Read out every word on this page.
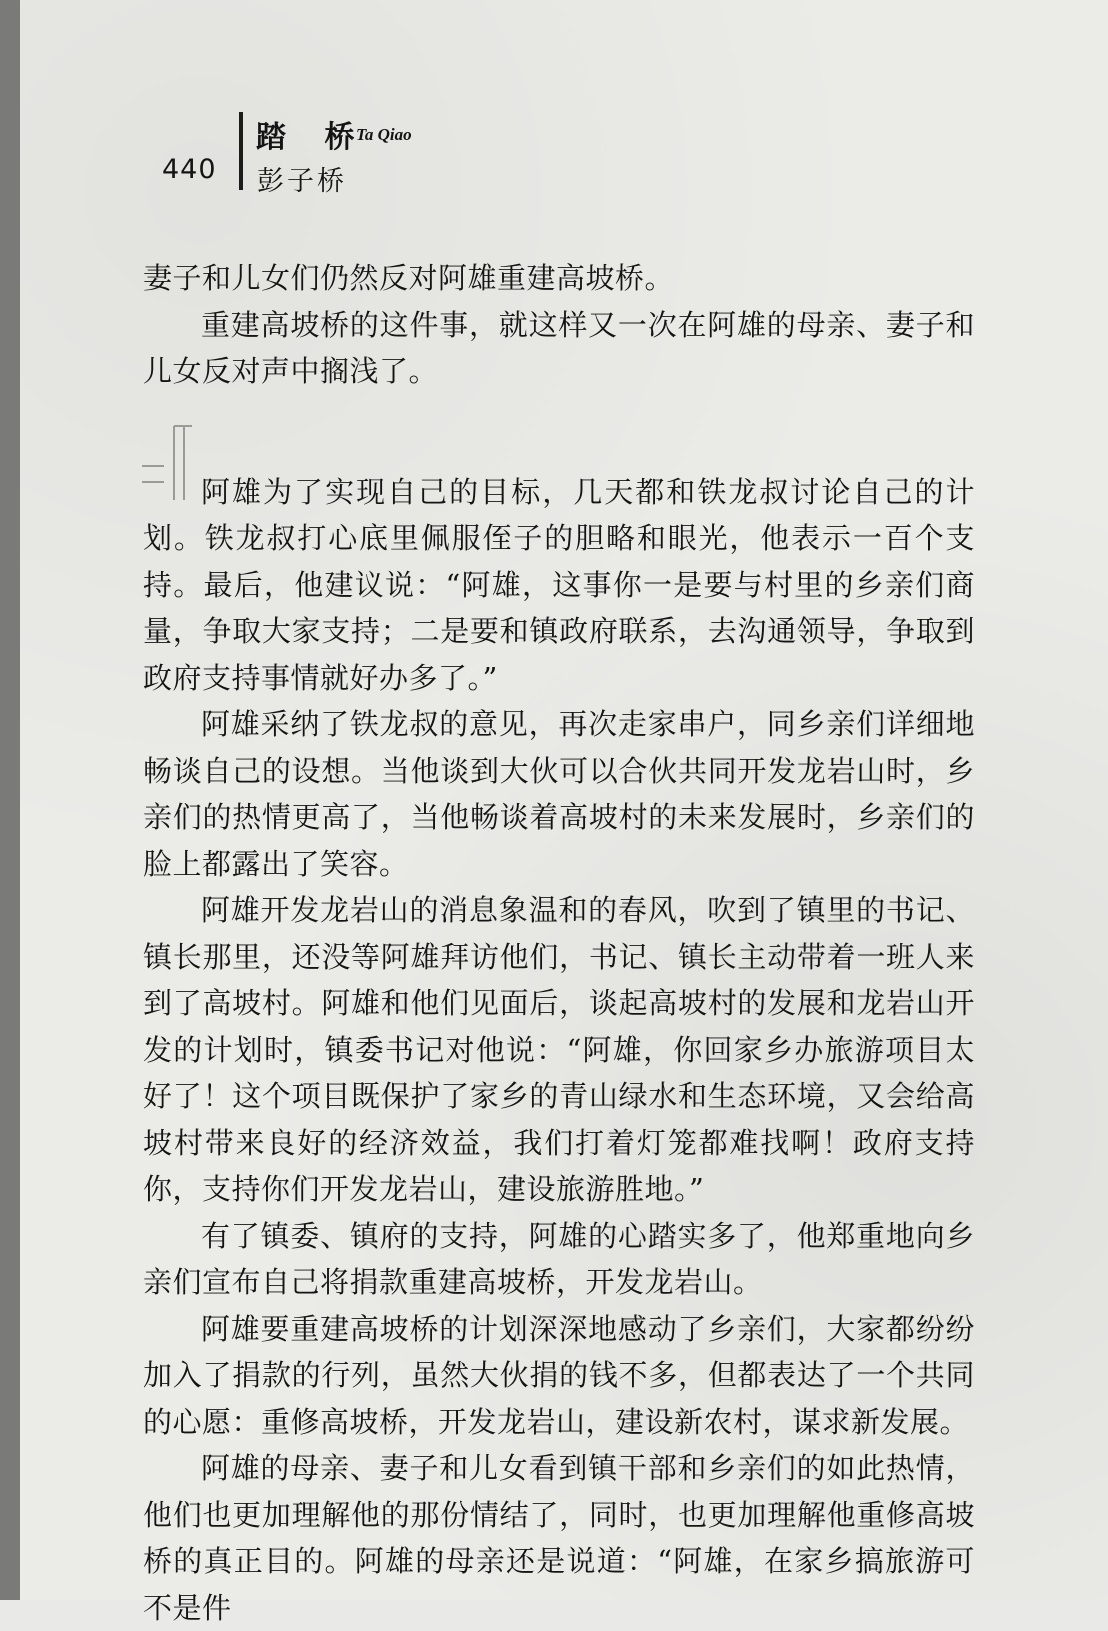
440
踏 桥
Ta Qiao
彭子桥

妻子和儿女们仍然反对阿雄重建高坡桥。

重建高坡桥的这件事，就这样又一次在阿雄的母亲、妻子和儿女反对声中搁浅了。

阿雄为了实现自己的目标，几天都和铁龙叔讨论自己的计划。铁龙叔打心底里佩服侄子的胆略和眼光，他表示一百个支持。最后，他建议说：“阿雄，这事你一是要与村里的乡亲们商量，争取大家支持；二是要和镇政府联系，去沟通领导，争取到政府支持事情就好办多了。”

阿雄采纳了铁龙叔的意见，再次走家串户，同乡亲们详细地畅谈自己的设想。当他谈到大伙可以合伙共同开发龙岩山时，乡亲们的热情更高了，当他畅谈着高坡村的未来发展时，乡亲们的脸上都露出了笑容。

阿雄开发龙岩山的消息象温和的春风，吹到了镇里的书记、镇长那里，还没等阿雄拜访他们，书记、镇长主动带着一班人来到了高坡村。阿雄和他们见面后，谈起高坡村的发展和龙岩山开发的计划时，镇委书记对他说：“阿雄，你回家乡办旅游项目太好了！这个项目既保护了家乡的青山绿水和生态环境，又会给高坡村带来良好的经济效益，我们打着灯笼都难找啊！政府支持你，支持你们开发龙岩山，建设旅游胜地。”

有了镇委、镇府的支持，阿雄的心踏实多了，他郑重地向乡亲们宣布自己将捐款重建高坡桥，开发龙岩山。

阿雄要重建高坡桥的计划深深地感动了乡亲们，大家都纷纷加入了捐款的行列，虽然大伙捐的钱不多，但都表达了一个共同的心愿：重修高坡桥，开发龙岩山，建设新农村，谋求新发展。

阿雄的母亲、妻子和儿女看到镇干部和乡亲们的如此热情，他们也更加理解他的那份情结了，同时，也更加理解他重修高坡桥的真正目的。阿雄的母亲还是说道：“阿雄，在家乡搞旅游可不是件
